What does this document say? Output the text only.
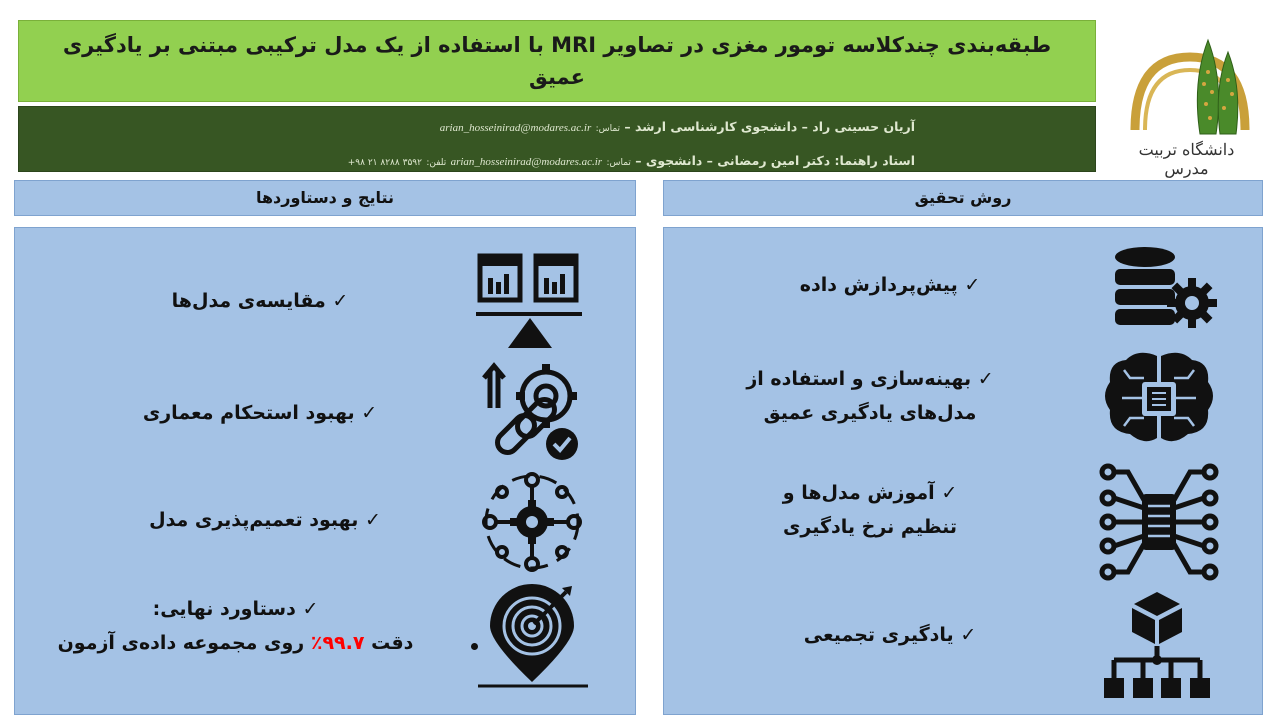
طبقه‌بندی چندکلاسه تومور مغزی در تصاویر MRI با استفاده از یک مدل ترکیبی مبتنی بر یادگیری عمیق
آریان حسینی راد – دانشجوی کارشناسی ارشد – تماس: arian_hosseinirad@modares.ac.ir
استاد راهنما: دکتر امین رمضانی – دانشجوی – تماس: arian_hosseinirad@modares.ac.ir تلفن: ۳۵۹۲ ۸۲۸۸ ۲۱ ۹۸+
دانشگاه تربیت مدرس
روش تحقیق
نتایج و دستاوردها
✓ پیش‌پردازش داده
✓ بهینه‌سازی و استفاده از
مدل‌های یادگیری عمیق
✓ آموزش مدل‌ها و
تنظیم نرخ یادگیری
✓ یادگیری تجمیعی
✓ مقایسه‌ی مدل‌ها
✓ بهبود استحکام معماری
✓ بهبود تعمیم‌پذیری مدل
✓ دستاورد نهایی:
دقت ۹۹.۷٪ روی مجموعه داده‌ی آزمون
